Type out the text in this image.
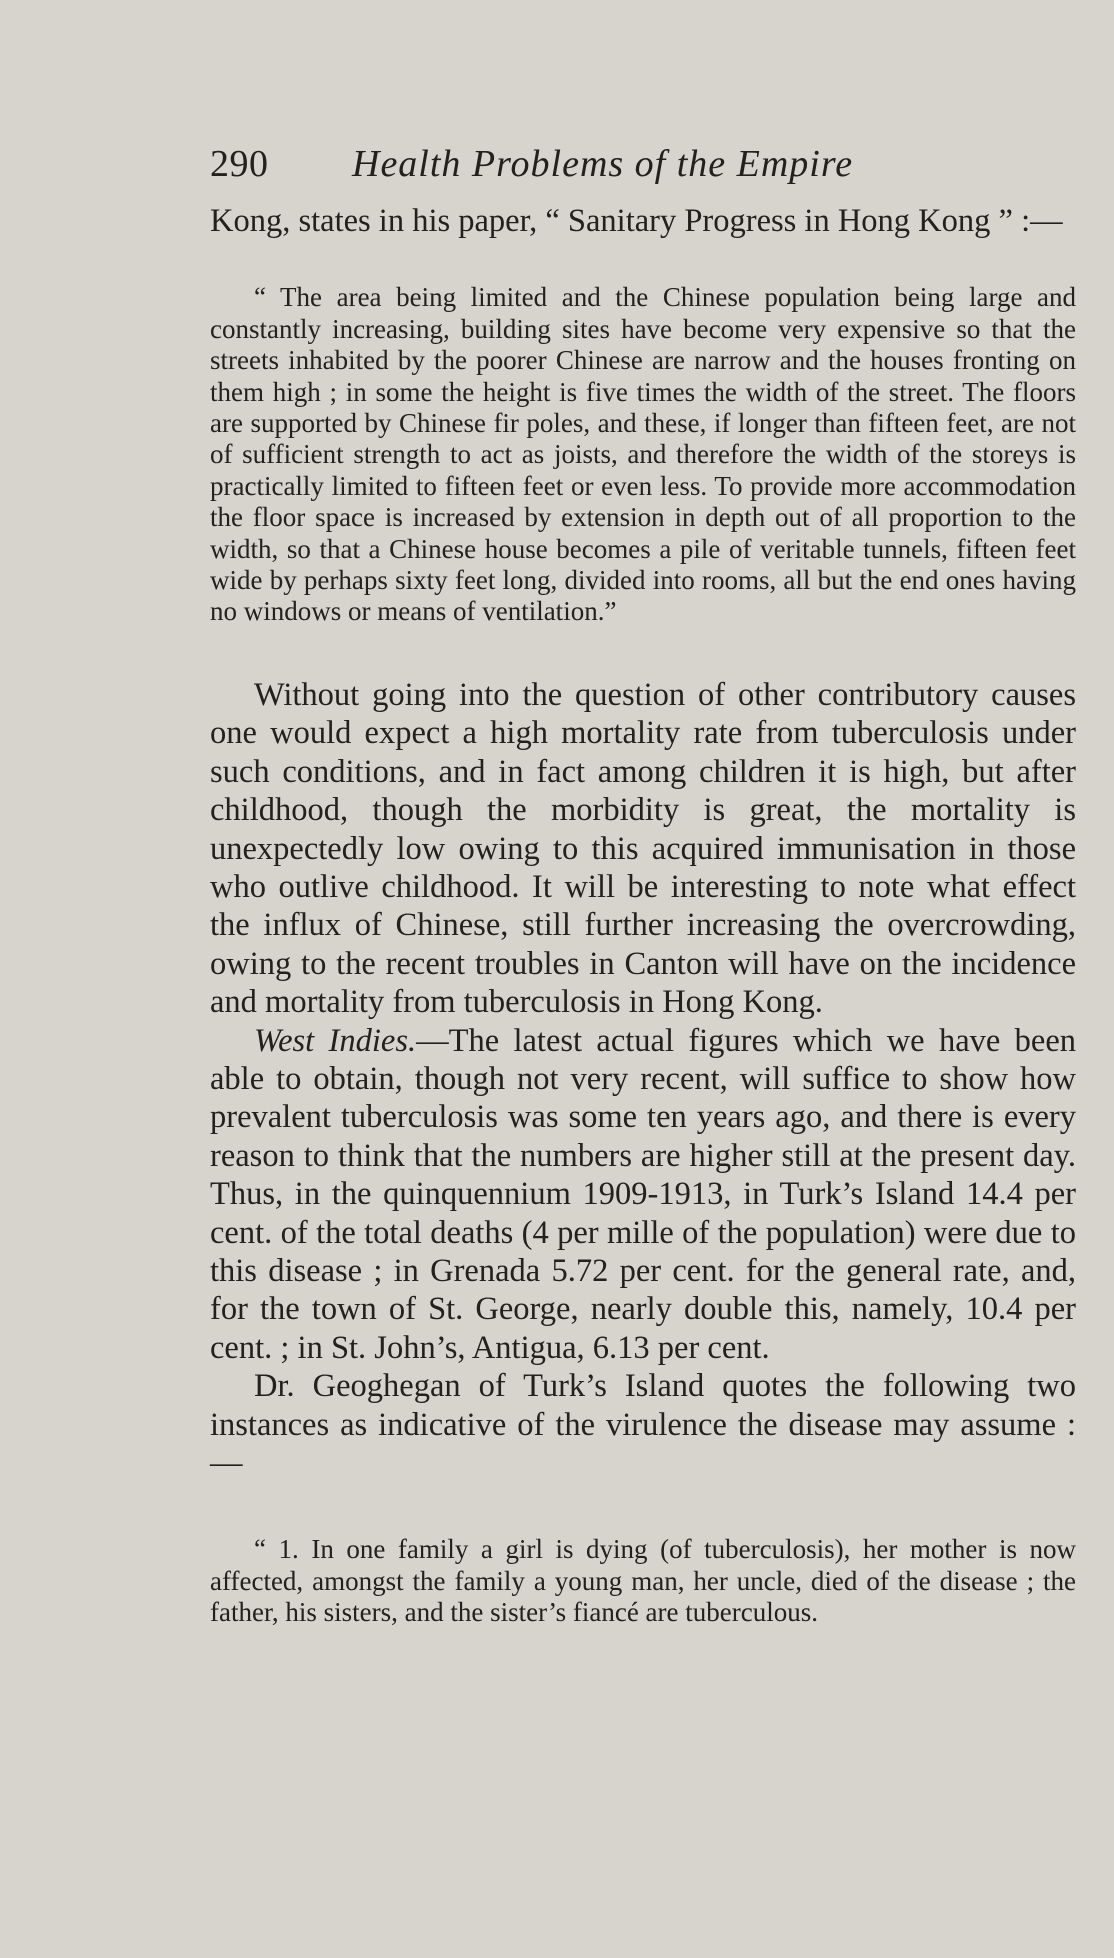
290	Health Problems of the Empire

Kong, states in his paper, “ Sanitary Progress in Hong Kong ” :—

“ The area being limited and the Chinese population being large and constantly increasing, building sites have become very expensive so that the streets inhabited by the poorer Chinese are narrow and the houses fronting on them high ; in some the height is five times the width of the street. The floors are supported by Chinese fir poles, and these, if longer than fifteen feet, are not of sufficient strength to act as joists, and therefore the width of the storeys is practically limited to fifteen feet or even less. To provide more accommodation the floor space is increased by extension in depth out of all proportion to the width, so that a Chinese house becomes a pile of veritable tunnels, fifteen feet wide by perhaps sixty feet long, divided into rooms, all but the end ones having no windows or means of ventilation.”

Without going into the question of other contributory causes one would expect a high mortality rate from tuberculosis under such conditions, and in fact among children it is high, but after childhood, though the morbidity is great, the mortality is unexpectedly low owing to this acquired immunisation in those who outlive childhood. It will be interesting to note what effect the influx of Chinese, still further increasing the overcrowding, owing to the recent troubles in Canton will have on the incidence and mortality from tuberculosis in Hong Kong.

West Indies.—The latest actual figures which we have been able to obtain, though not very recent, will suffice to show how prevalent tuberculosis was some ten years ago, and there is every reason to think that the numbers are higher still at the present day. Thus, in the quinquennium 1909-1913, in Turk’s Island 14.4 per cent. of the total deaths (4 per mille of the population) were due to this disease ; in Grenada 5.72 per cent. for the general rate, and, for the town of St. George, nearly double this, namely, 10.4 per cent. ; in St. John’s, Antigua, 6.13 per cent.

Dr. Geoghegan of Turk’s Island quotes the following two instances as indicative of the virulence the disease may assume :—

“ 1. In one family a girl is dying (of tuberculosis), her mother is now affected, amongst the family a young man, her uncle, died of the disease ; the father, his sisters, and the sister’s fiancé are tuberculous.
